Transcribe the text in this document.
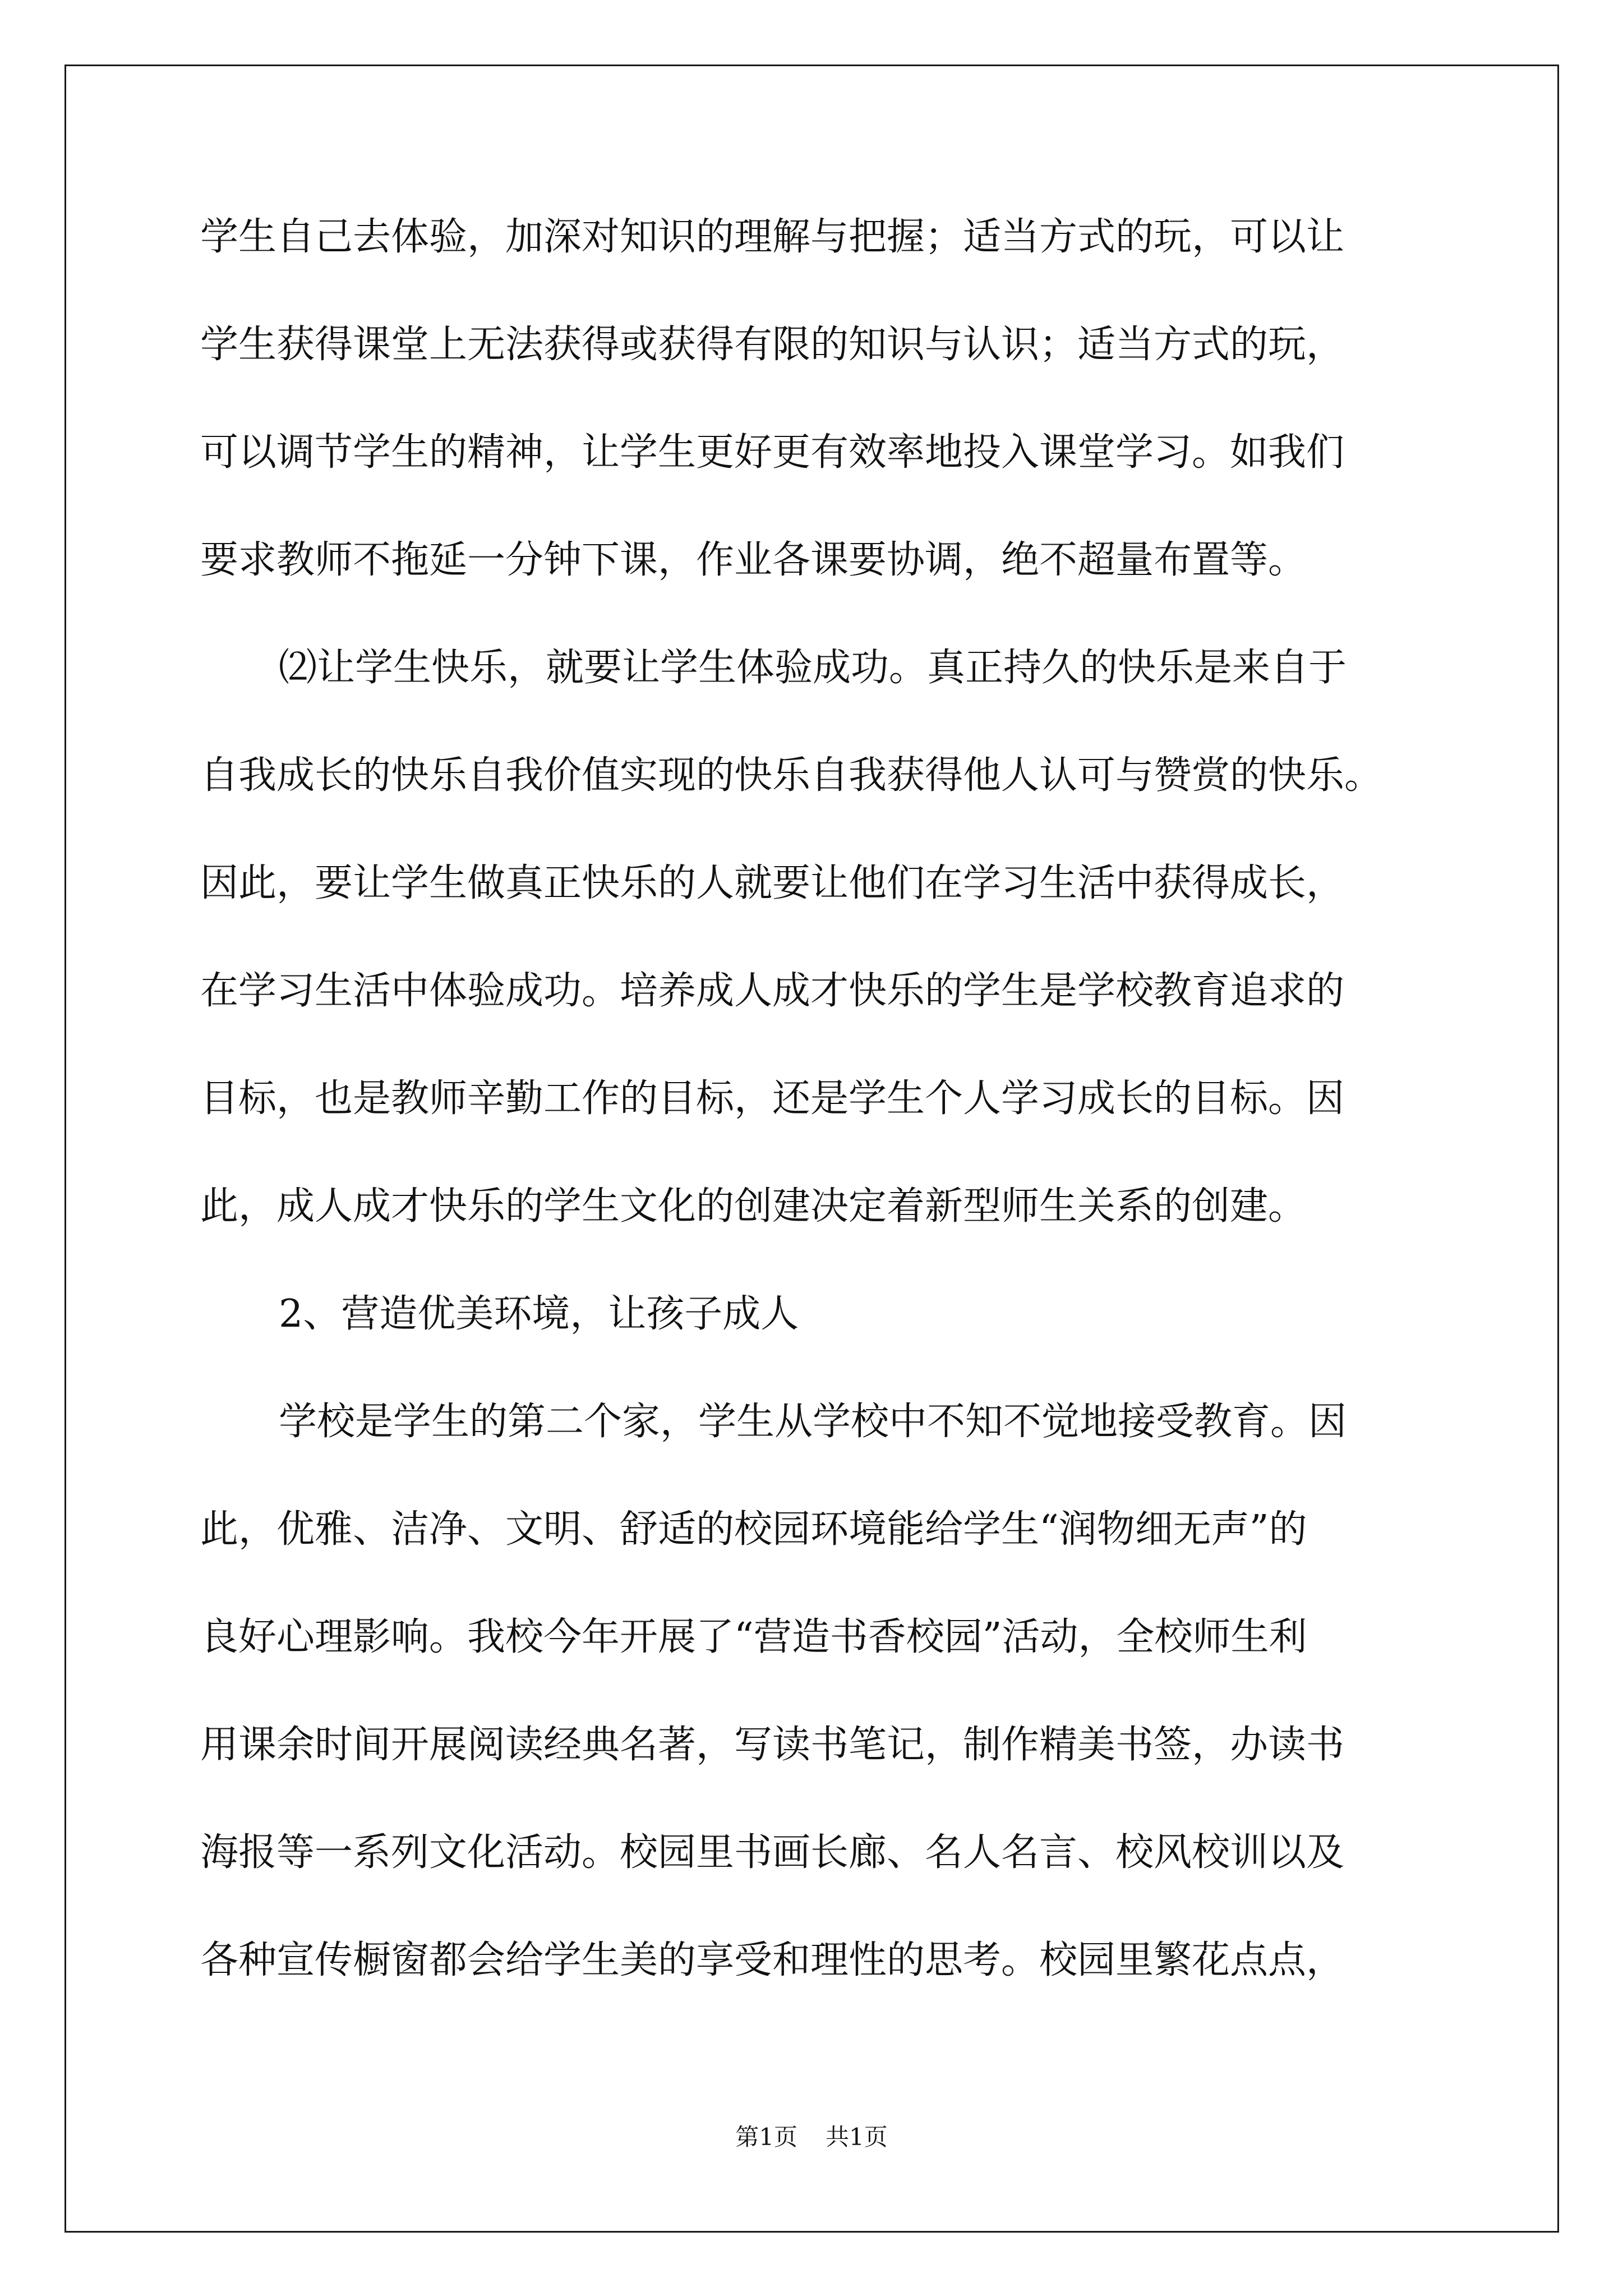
学生自己去体验，加深对知识的理解与把握；适当方式的玩，可以让
学生获得课堂上无法获得或获得有限的知识与认识；适当方式的玩，
可以调节学生的精神，让学生更好更有效率地投入课堂学习。如我们
要求教师不拖延一分钟下课，作业各课要协调，绝不超量布置等。
⑵让学生快乐，就要让学生体验成功。真正持久的快乐是来自于
自我成长的快乐自我价值实现的快乐自我获得他人认可与赞赏的快乐。
因此，要让学生做真正快乐的人就要让他们在学习生活中获得成长，
在学习生活中体验成功。培养成人成才快乐的学生是学校教育追求的
目标，也是教师辛勤工作的目标，还是学生个人学习成长的目标。因
此，成人成才快乐的学生文化的创建决定着新型师生关系的创建。
2、营造优美环境，让孩子成人
学校是学生的第二个家，学生从学校中不知不觉地接受教育。因
此，优雅、洁净、文明、舒适的校园环境能给学生“润物细无声”的
良好心理影响。我校今年开展了“营造书香校园”活动，全校师生利
用课余时间开展阅读经典名著，写读书笔记，制作精美书签，办读书
海报等一系列文化活动。校园里书画长廊、名人名言、校风校训以及
各种宣传橱窗都会给学生美的享受和理性的思考。校园里繁花点点，
第1页 共1页
